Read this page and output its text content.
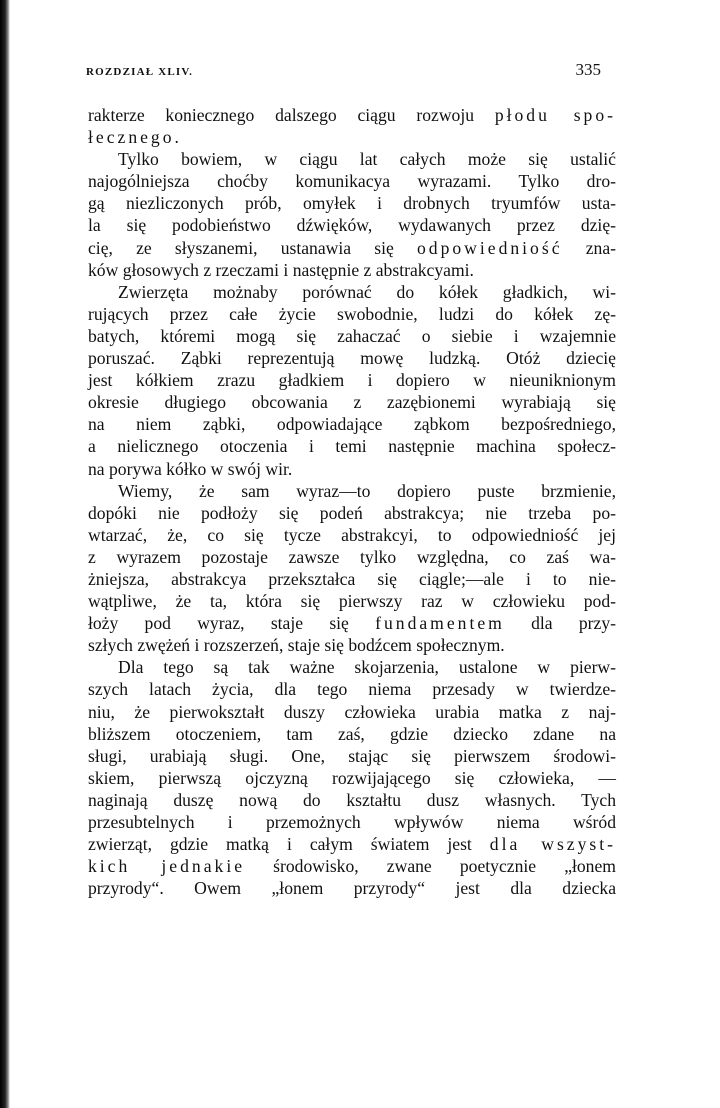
ROZDZIAŁ XLIV.	335
rakterze koniecznego dalszego ciągu rozwoju płodu spo-
łecznego.
Tylko bowiem, w ciągu lat całych może się ustalić
najogólniejsza choćby komunikacya wyrazami. Tylko dro-
gą niezliczonych prób, omyłek i drobnych tryumfów usta-
la się podobieństwo dźwięków, wydawanych przez dzię-
cię, ze słyszanemi, ustanawia się odpowiedniość zna-
ków głosowych z rzeczami i następnie z abstrakcyami.
Zwierzęta możnaby porównać do kółek gładkich, wi-
rujących przez całe życie swobodnie, ludzi do kółek zę-
batych, któremi mogą się zahaczać o siebie i wzajemnie
poruszać. Ząbki reprezentują mowę ludzką. Otóż dziecię
jest kółkiem zrazu gładkiem i dopiero w nieuniknionym
okresie długiego obcowania z zazębionemi wyrabiają się
na niem ząbki, odpowiadające ząbkom bezpośredniego,
a nielicznego otoczenia i temi następnie machina społecz-
na porywa kółko w swój wir.
Wiemy, że sam wyraz—to dopiero puste brzmienie,
dopóki nie podłoży się podeń abstrakcya; nie trzeba po-
wtarzać, że, co się tycze abstrakcyi, to odpowiedniość jej
z wyrazem pozostaje zawsze tylko względna, co zaś wa-
żniejsza, abstrakcya przekształca się ciągle;—ale i to nie-
wątpliwe, że ta, która się pierwszy raz w człowieku pod-
łoży pod wyraz, staje się fundamentem dla przy-
szłych zwężeń i rozszerzeń, staje się bodźcem społecznym.
Dla tego są tak ważne skojarzenia, ustalone w pierw-
szych latach życia, dla tego niema przesady w twierdze-
niu, że pierwokształt duszy człowieka urabia matka z naj-
bliższem otoczeniem, tam zaś, gdzie dziecko zdane na
sługi, urabiają sługi. One, stając się pierwszem środowi-
skiem, pierwszą ojczyzną rozwijającego się człowieka, —
naginają duszę nową do kształtu dusz własnych. Tych
przesubtelnych i przemożnych wpływów niema wśród
zwierząt, gdzie matką i całym światem jest dla wszyst-
kich jednakie środowisko, zwane poetycznie „łonem
przyrody“. Owem „łonem przyrody“ jest dla dziecka
